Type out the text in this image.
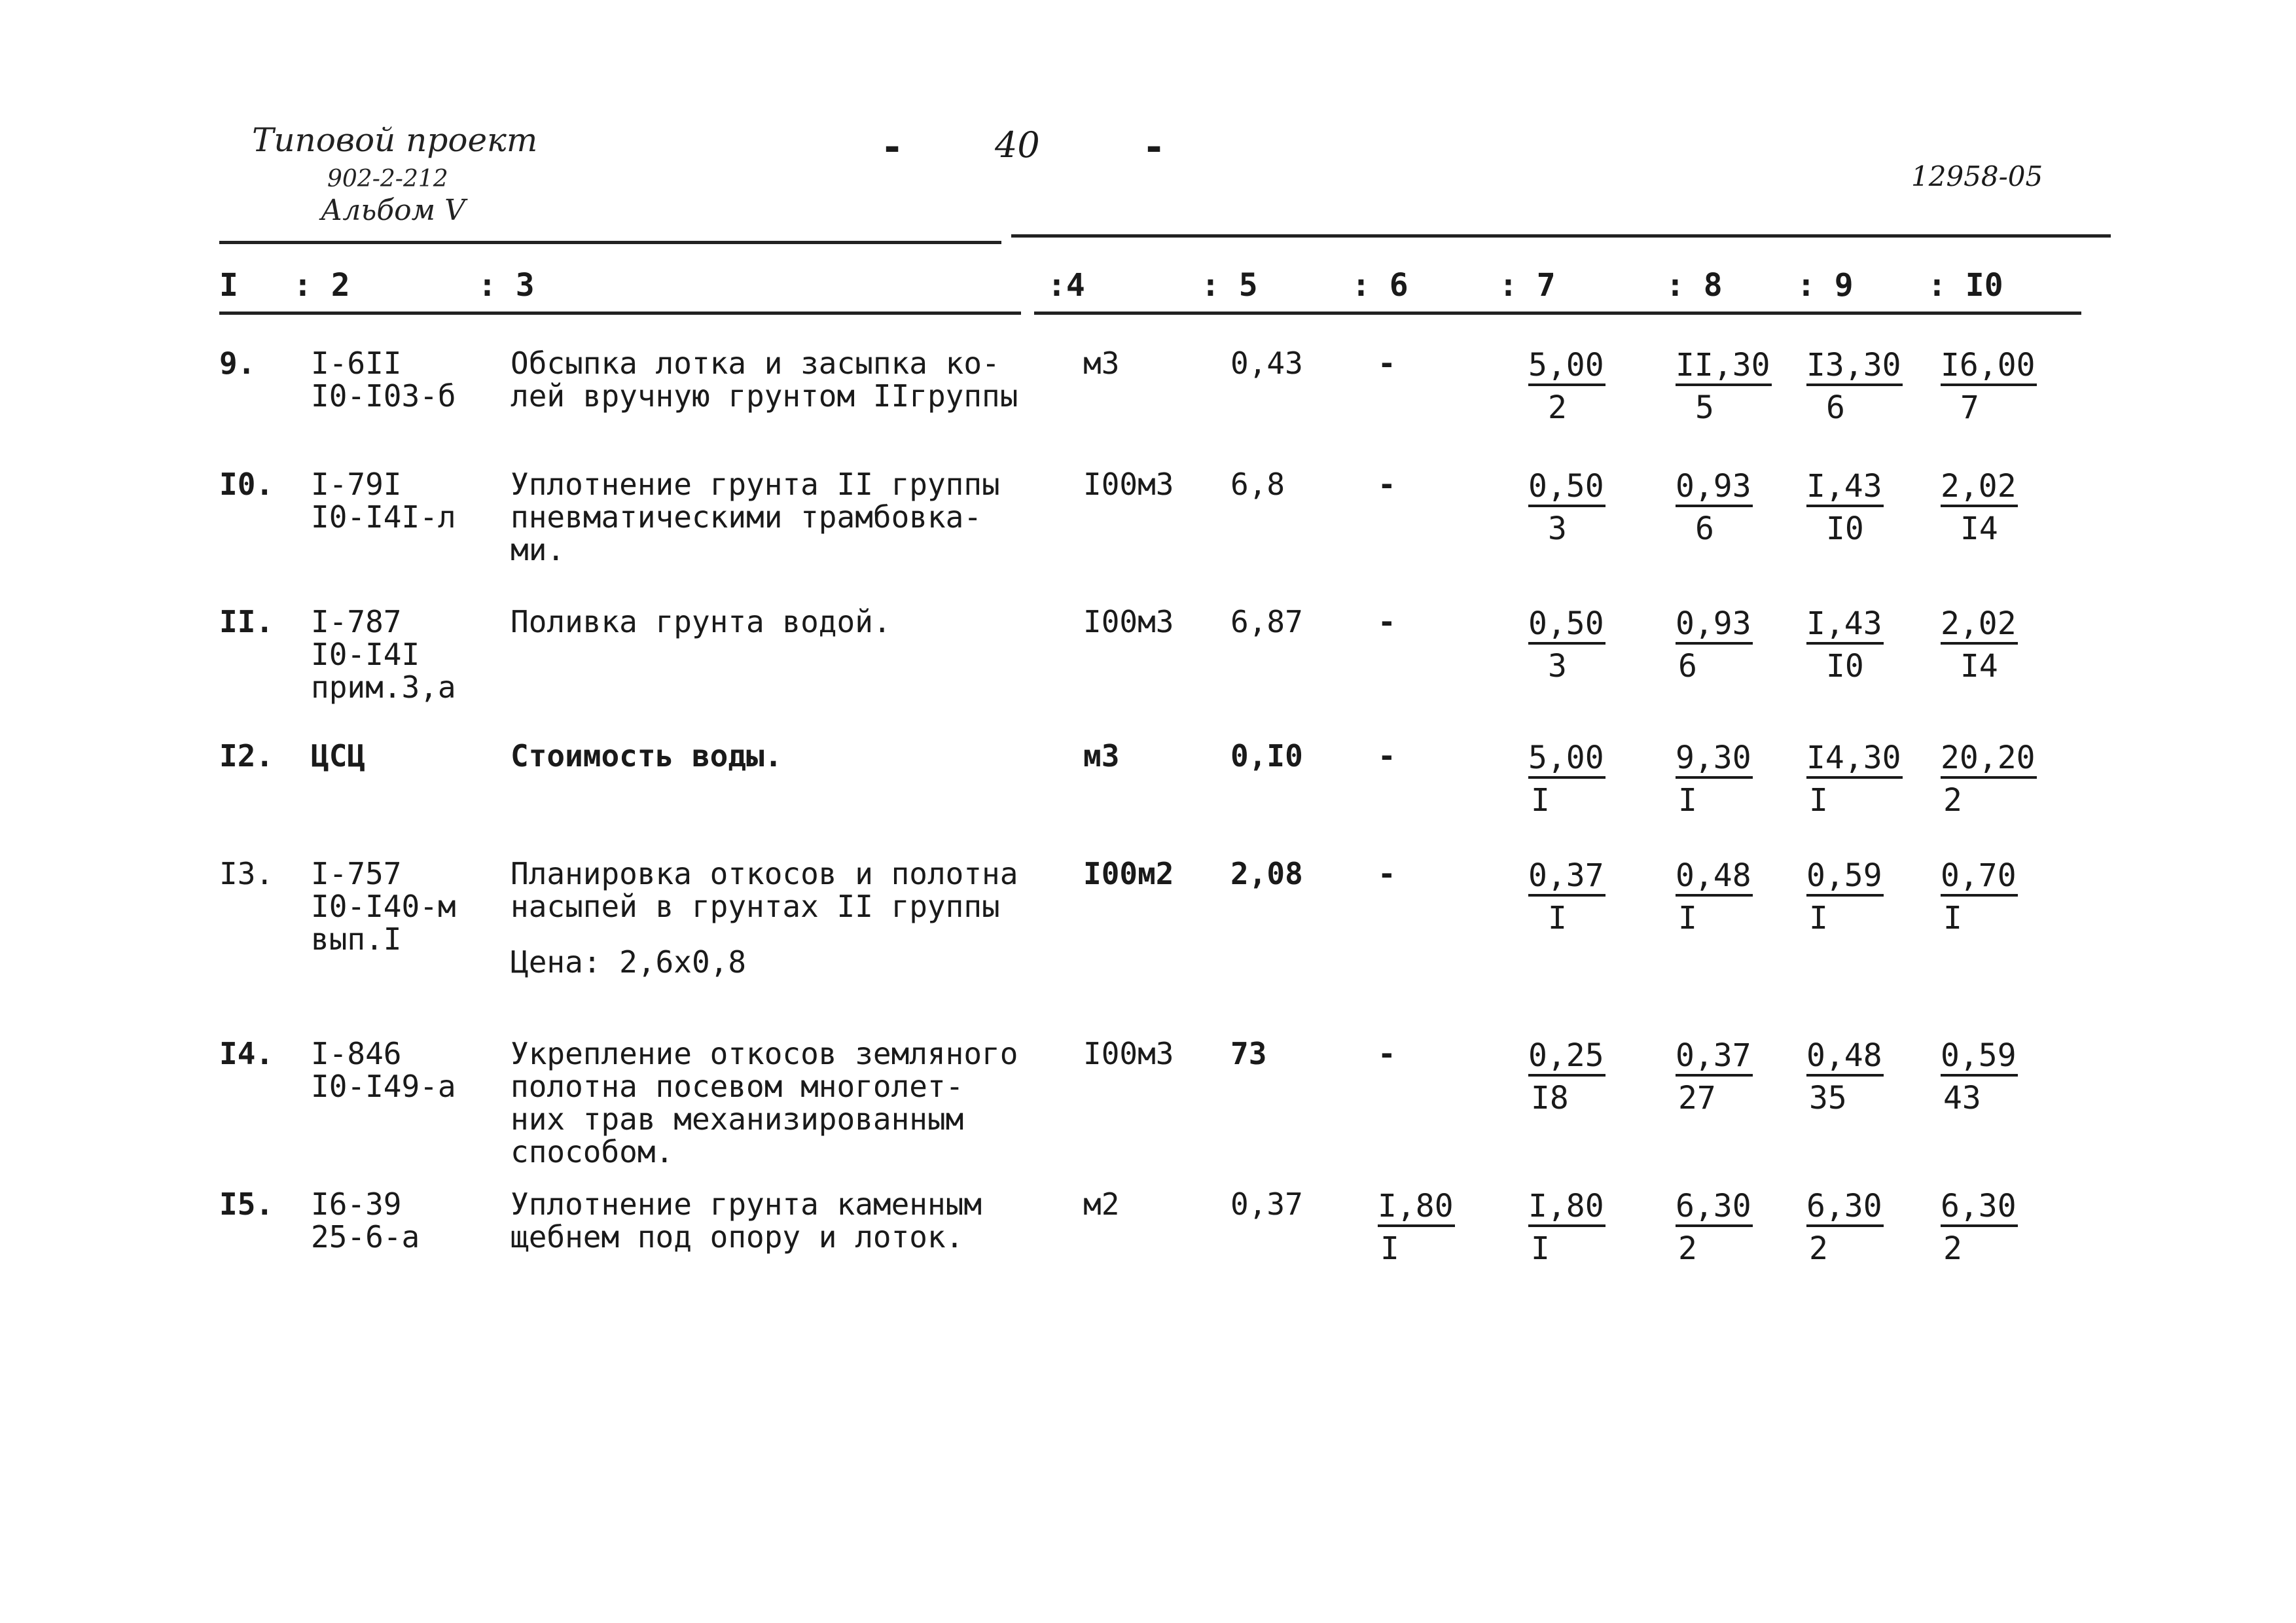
Типовой проект
902-2-212
Альбом V
-	40	-
12958-05
I : 2	: 3	:4	: 5	: 6	: 7	: 8 : 9 : I0
9. I-6II
I0-I03-б
Обсыпка лотка и засыпка ко-
лей вручную грунтом IIгруппы
м3	0,43 -	$\frac{5,00}{2} \frac{II,30}{5} \frac{I3,30}{6} \frac{I6,00}{7}$
I0. I-79I
I0-I4I-л
Уплотнение грунта II группы
пневматическими трамбовка-
ми.
I00м3 6,8	-	$\frac{0,50}{3} \frac{0,93}{6} \frac{I,43}{I0} \frac{2,02}{I4}$
II. I-787
I0-I4I
прим.3,а
Поливка грунта водой.	I00м3 6,87 -	$\frac{0,50}{3} \frac{0,93}{6} \frac{I,43}{I0} \frac{2,02}{I4}$
I2. ЦСЦ	Стоимость воды.	м3	0,I0 -	$\frac{5,00}{I} \frac{9,30}{I} \frac{I4,30}{I} \frac{20,20}{2}$
I3. I-757
I0-I40-м
вып.I
Планировка откосов и полотна
насыпей в грунтах II группы
Цена: 2,6х0,8
I00м2 2,08 -	$\frac{0,37}{I} \frac{0,48}{I} \frac{0,59}{I} \frac{0,70}{I}$
I4. I-846
I0-I49-а
Укрепление откосов земляного
полотна посевом многолет-
них трав механизированным
способом.
I00м3 73	-	$\frac{0,25}{I8} \frac{0,37}{27} \frac{0,48}{35} \frac{0,59}{43}$
I5. I6-39
25-6-а
Уплотнение грунта каменным
щебнем под опору и лоток.
м2	$0,37 \frac{I,80}{I} \frac{I,80}{I} \frac{6,30}{2} \frac{6,30}{2} \frac{6,30}{2}$
